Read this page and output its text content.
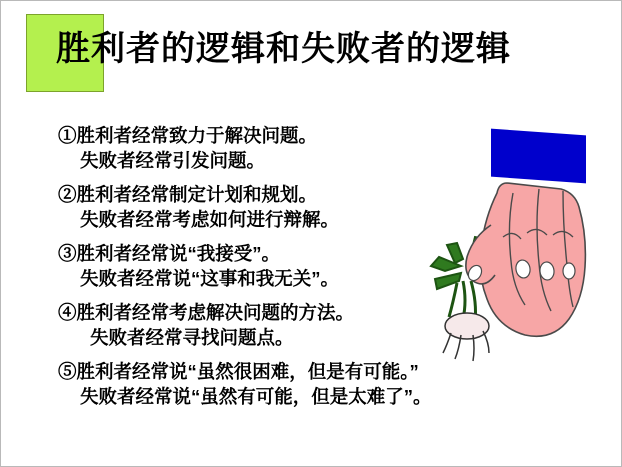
胜利者的逻辑和失败者的逻辑
①胜利者经常致力于解决问题。
失败者经常引发问题。
②胜利者经常制定计划和规划。
失败者经常考虑如何进行辩解。
③胜利者经常说“我接受”。
失败者经常说“这事和我无关”。
④胜利者经常考虑解决问题的方法。
失败者经常寻找问题点。
⑤胜利者经常说“虽然很困难，但是有可能。”
失败者经常说“虽然有可能，但是太难了”。
